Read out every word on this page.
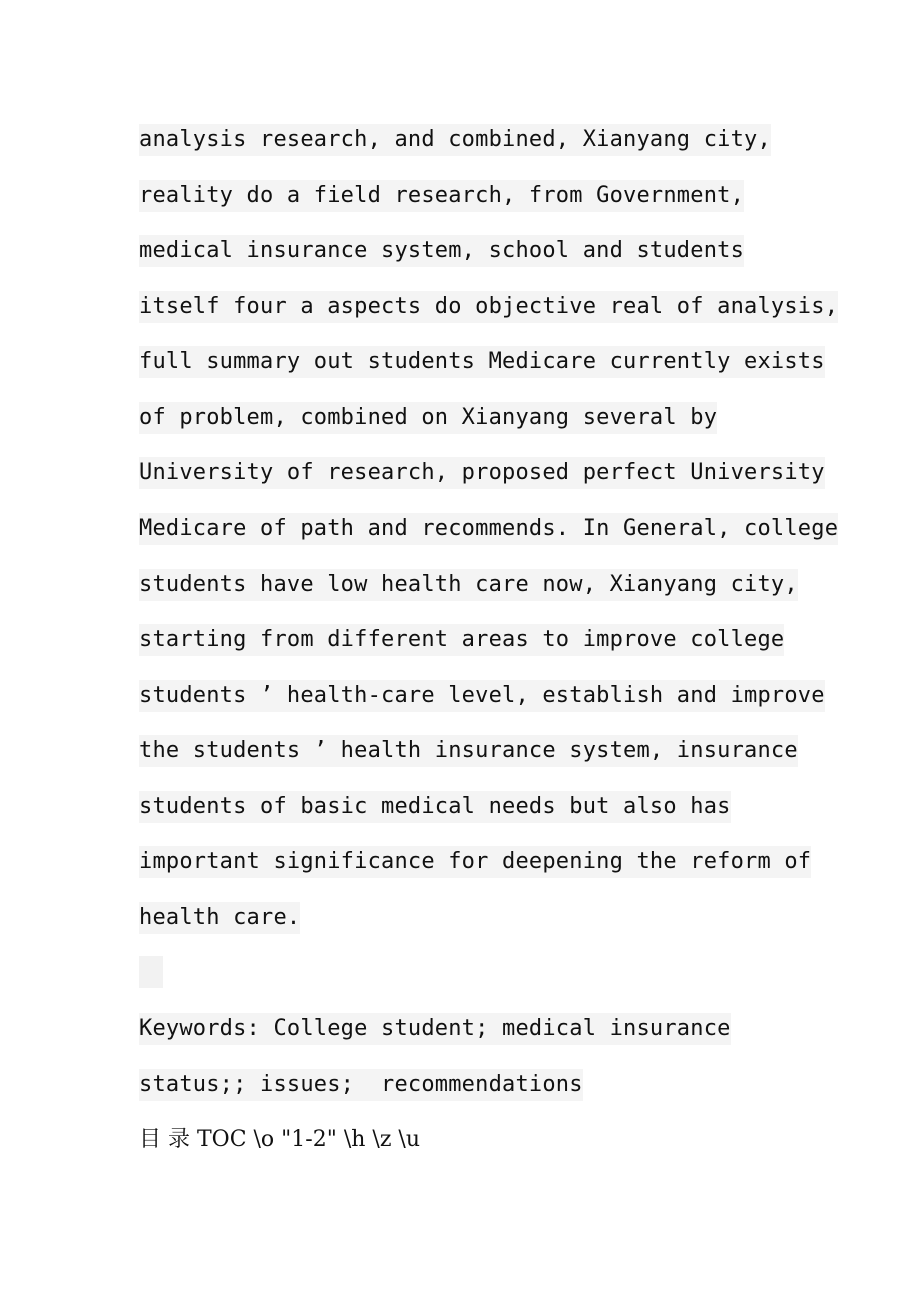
analysis research, and combined, Xianyang city,
reality do a field research, from Government,
medical insurance system, school and students
itself four a aspects do objective real of analysis,
full summary out students Medicare currently exists
of problem, combined on Xianyang several by
University of research, proposed perfect University
Medicare of path and recommends. In General, college
students have low health care now, Xianyang city,
starting from different areas to improve college
students ’ health-care level, establish and improve
the students ’ health insurance system, insurance
students of basic medical needs but also has
important significance for deepening the reform of
health care.
Keywords: College student; medical insurance
status;; issues;  recommendations
目 录 TOC \o "1-2" \h \z \u
